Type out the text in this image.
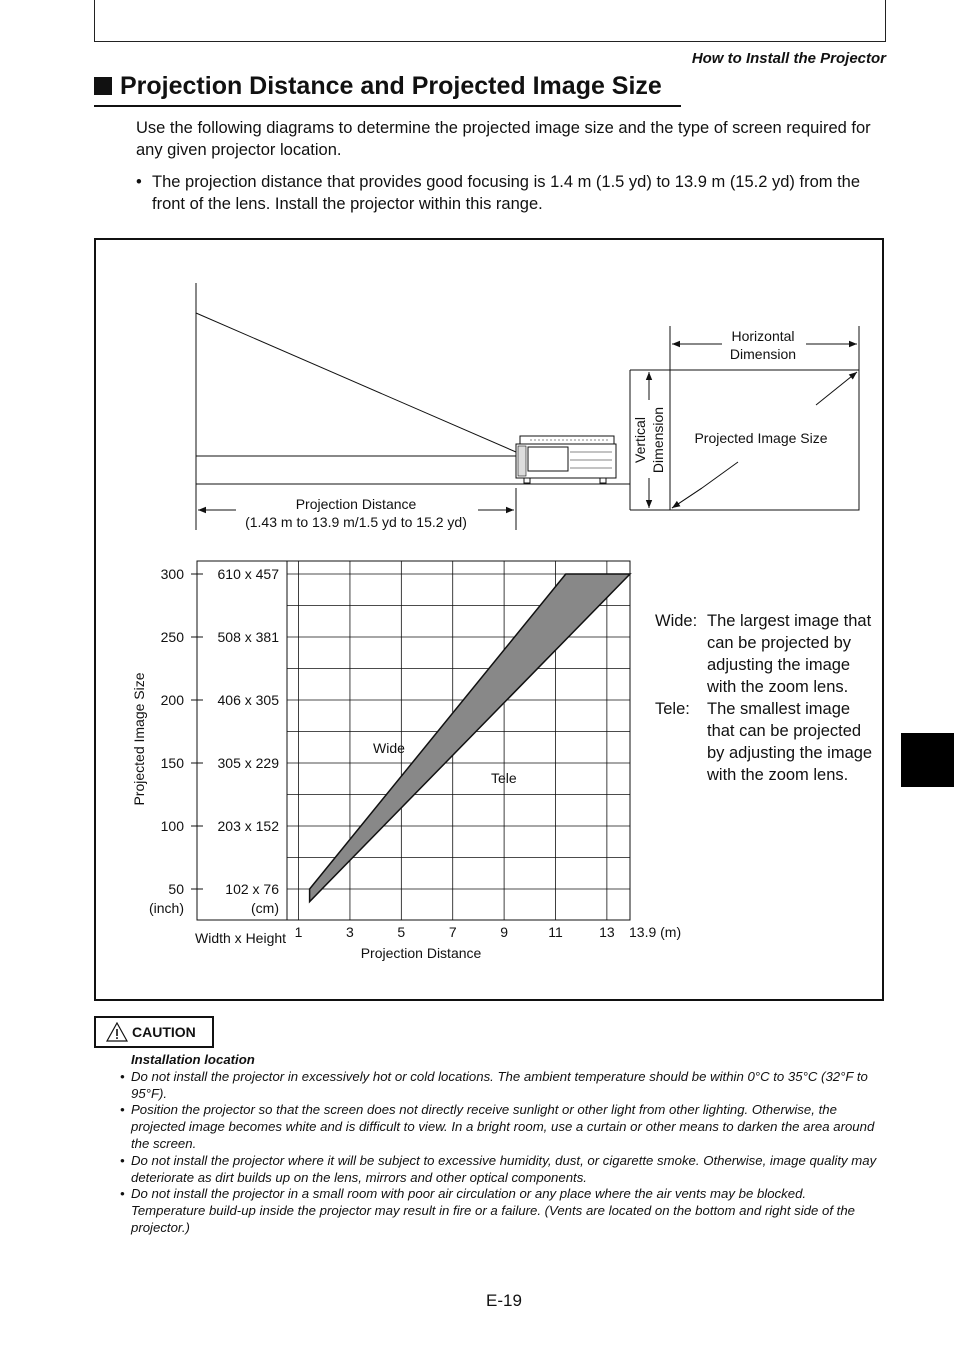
How to Install the Projector
Projection Distance and Projected Image Size
Use the following diagrams to determine the projected image size and the type of screen required for any given projector location.
• The projection distance that provides good focusing is 1.4 m (1.5 yd) to 13.9 m (15.2 yd) from the front of the lens. Install the projector within this range.
Projection Distance
(1.43 m to 13.9 m/1.5 yd to 15.2 yd)
Horizontal
Dimension
Vertical Dimension Projected Image Size
300 610 x 457
250 508 x 381
200 406 x 305
150 305 x 229
100 203 x 152
50	102 x 76
1	3	5	7	9	11	13
Wide
Tele
Projected Image Size
(inch)	(cm)
Width x Height	13.9 (m)
Projection Distance
Wide: The largest image that can be projected by adjusting the image with the zoom lens.
Tele: The smallest image that can be projected by adjusting the image with the zoom lens.
CAUTION
Installation location
• Do not install the projector in excessively hot or cold locations. The ambient temperature should be within 0°C to 35°C (32°F to 95°F).
• Position the projector so that the screen does not directly receive sunlight or other light from other lighting. Otherwise, the projected image becomes white and is difficult to view. In a bright room, use a curtain or other means to darken the area around the screen.
• Do not install the projector where it will be subject to excessive humidity, dust, or cigarette smoke. Otherwise, image quality may deteriorate as dirt builds up on the lens, mirrors and other optical components.
• Do not install the projector in a small room with poor air circulation or any place where the air vents may be blocked. Temperature build-up inside the projector may result in fire or a failure. (Vents are located on the bottom and right side of the projector.)
E-19
